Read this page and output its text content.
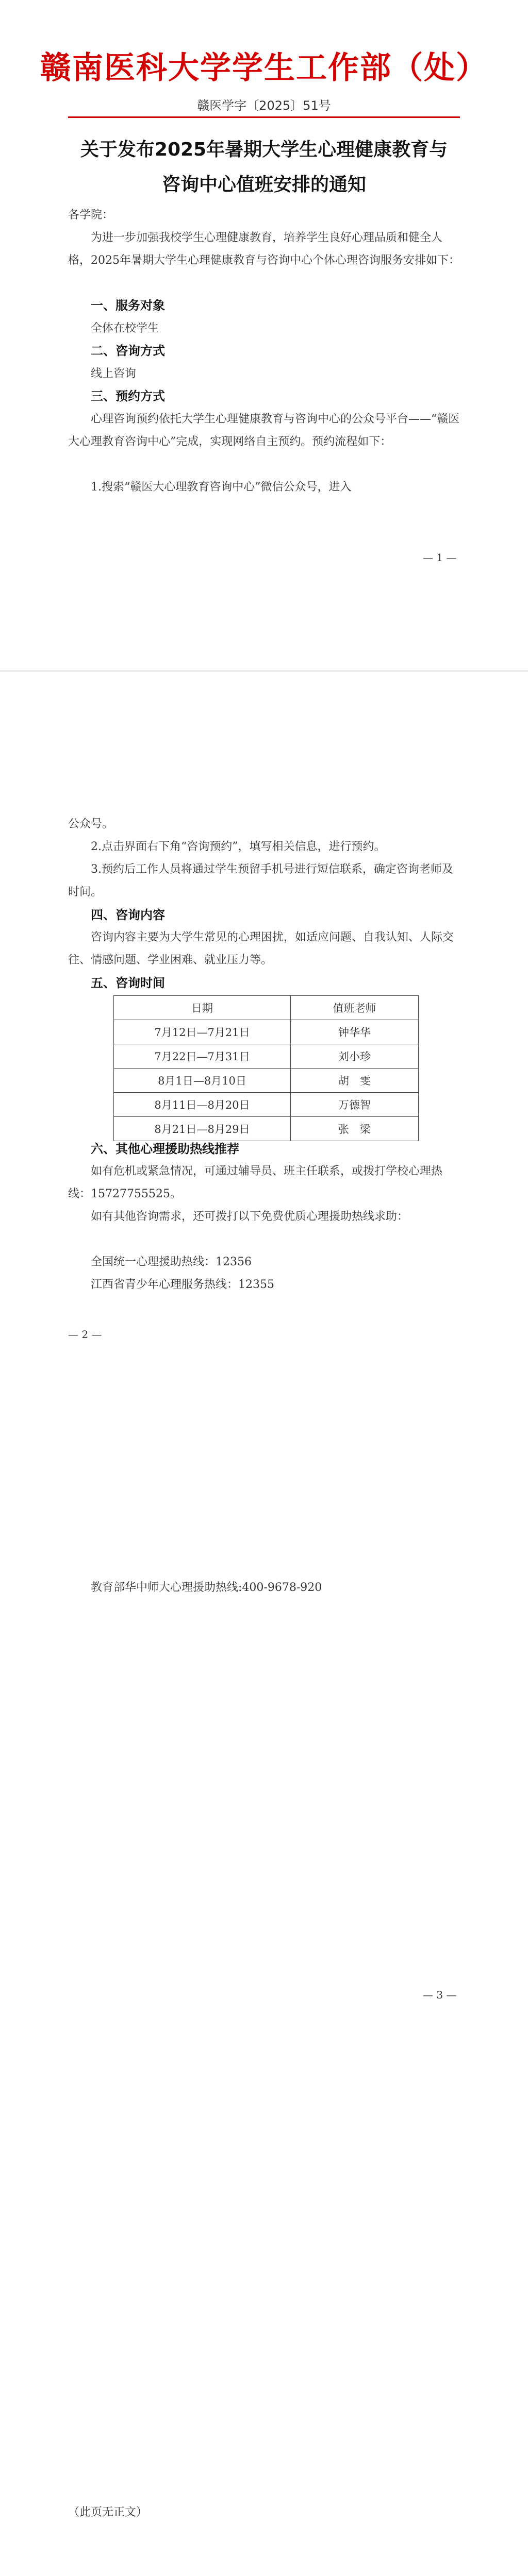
赣南医科大学学生工作部（处）
赣医学字〔2025〕51号
关于发布2025年暑期大学生心理健康教育与
咨询中心值班安排的通知
各学院：
为进一步加强我校学生心理健康教育，培养学生良好心理品质和健全人格，2025年暑期大学生心理健康教育与咨询中心个体心理咨询服务安排如下：
一、服务对象
全体在校学生
二、咨询方式
线上咨询
三、预约方式
心理咨询预约依托大学生心理健康教育与咨询中心的公众号平台——“赣医大心理教育咨询中心”完成，实现网络自主预约。预约流程如下：
1.搜索“赣医大心理教育咨询中心”微信公众号，进入
— 1 —
公众号。
2.点击界面右下角“咨询预约”，填写相关信息，进行预约。
3.预约后工作人员将通过学生预留手机号进行短信联系，确定咨询老师及时间。
四、咨询内容
咨询内容主要为大学生常见的心理困扰，如适应问题、自我认知、人际交往、情感问题、学业困难、就业压力等。
五、咨询时间
日期	值班老师
7月12日—7月21日	钟华华
7月22日—7月31日	刘小珍
8月1日—8月10日	胡　雯
8月11日—8月20日	万德智
8月21日—8月29日	张　梁
六、其他心理援助热线推荐
如有危机或紧急情况，可通过辅导员、班主任联系，或拨打学校心理热线：15727755525。
如有其他咨询需求，还可拨打以下免费优质心理援助热线求助：
全国统一心理援助热线：12356
江西省青少年心理服务热线：12355
— 2 —
教育部华中师大心理援助热线:400-9678-920
— 3 —
（此页无正文）
